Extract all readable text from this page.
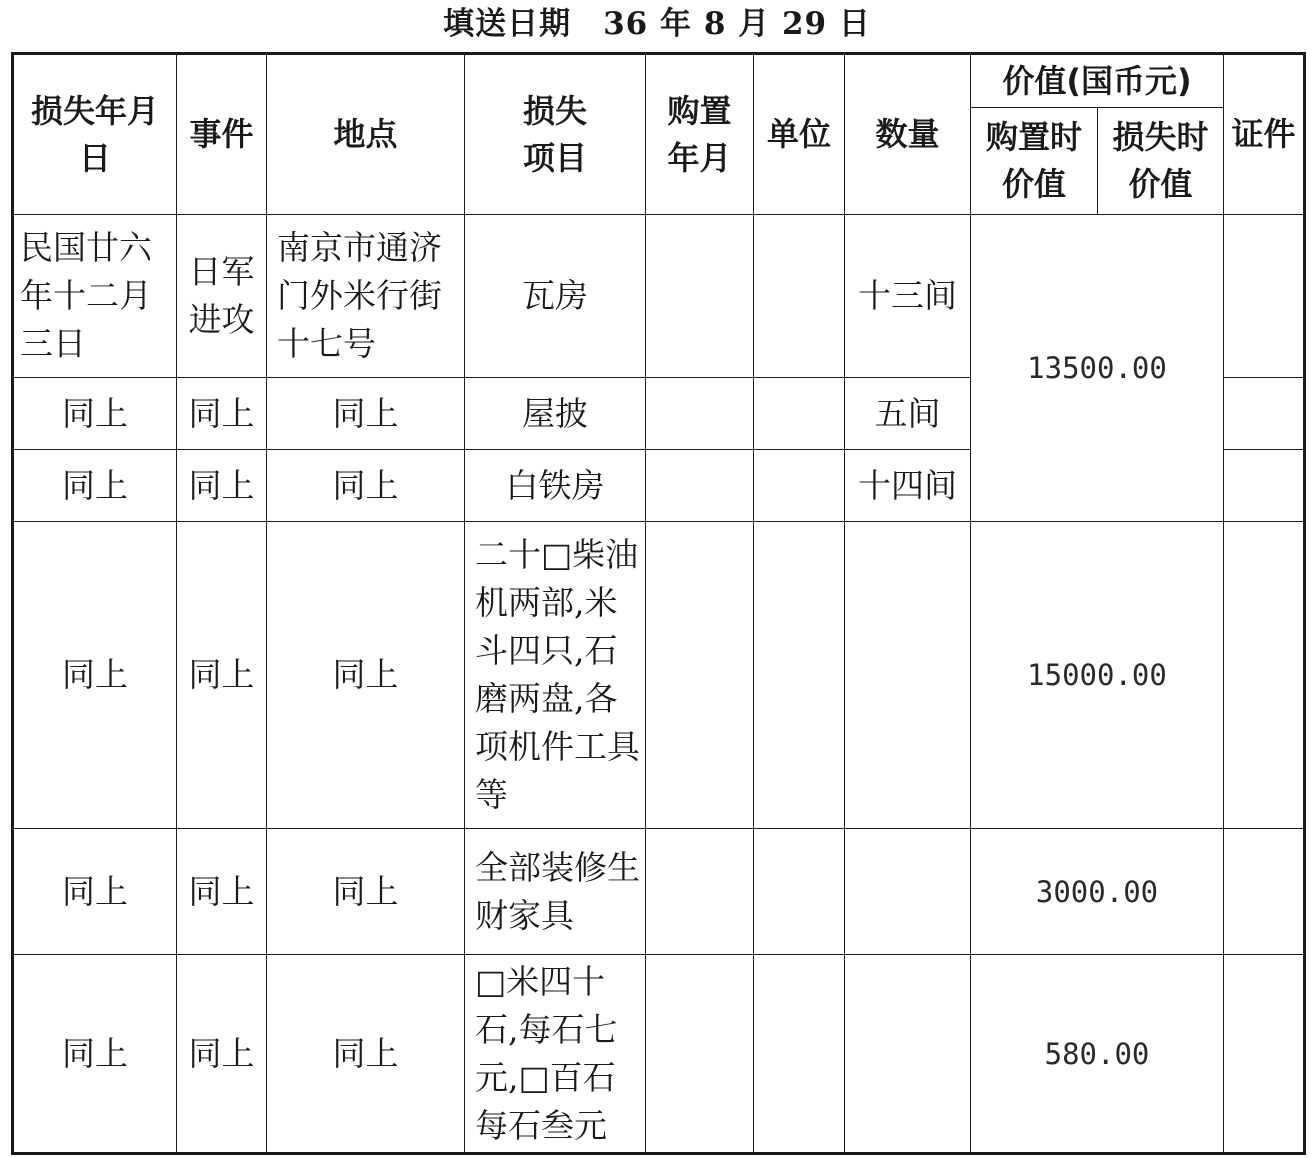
填送日期　36 年 8 月 29 日
损失年月日	事件	地点	损失项目	购置年月	单位	数量	价值(国币元)		证件

							购置时价值	损失时价值	

民国廿六年十二月三日	日军进攻	南京市通济门外米行街十七号	瓦房			十三间	13500.00		
同上	同上	同上	屋披			五间			
同上	同上	同上	白铁房			十四间			
同上	同上	同上	二十□柴油机两部,米斗四只,石磨两盘,各项机件工具等				15000.00		
同上	同上	同上	全部装修生财家具				3000.00		
同上	同上	同上	□米四十石,每石七元,□百石每石叁元				580.00		
